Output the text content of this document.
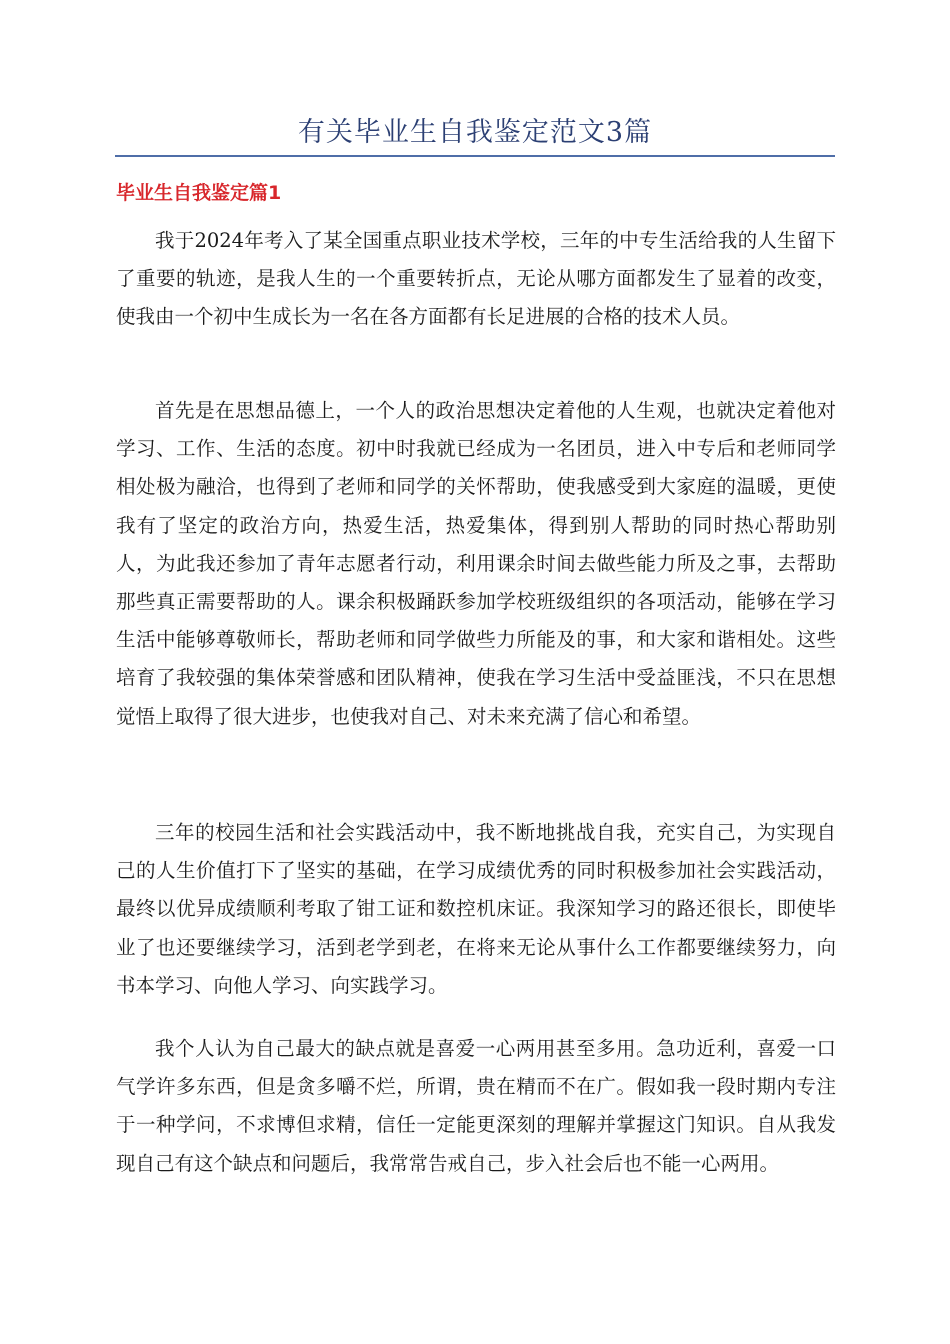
有关毕业生自我鉴定范文3篇
毕业生自我鉴定篇1

我于2024年考入了某全国重点职业技术学校，三年的中专生活给我的人生留下了重要的轨迹，是我人生的一个重要转折点，无论从哪方面都发生了显着的改变，使我由一个初中生成长为一名在各方面都有长足进展的合格的技术人员。

首先是在思想品德上，一个人的政治思想决定着他的人生观，也就决定着他对学习、工作、生活的态度。初中时我就已经成为一名团员，进入中专后和老师同学相处极为融洽，也得到了老师和同学的关怀帮助，使我感受到大家庭的温暖，更使我有了坚定的政治方向，热爱生活，热爱集体，得到别人帮助的同时热心帮助别人，为此我还参加了青年志愿者行动，利用课余时间去做些能力所及之事，去帮助那些真正需要帮助的人。课余积极踊跃参加学校班级组织的各项活动，能够在学习生活中能够尊敬师长，帮助老师和同学做些力所能及的事，和大家和谐相处。这些培育了我较强的集体荣誉感和团队精神，使我在学习生活中受益匪浅，不只在思想觉悟上取得了很大进步，也使我对自己、对未来充满了信心和希望。

三年的校园生活和社会实践活动中，我不断地挑战自我，充实自己，为实现自己的人生价值打下了坚实的基础，在学习成绩优秀的同时积极参加社会实践活动，最终以优异成绩顺利考取了钳工证和数控机床证。我深知学习的路还很长，即使毕业了也还要继续学习，活到老学到老，在将来无论从事什么工作都要继续努力，向书本学习、向他人学习、向实践学习。

我个人认为自己最大的缺点就是喜爱一心两用甚至多用。急功近利，喜爱一口气学许多东西，但是贪多嚼不烂，所谓，贵在精而不在广。假如我一段时期内专注于一种学问，不求博但求精，信任一定能更深刻的理解并掌握这门知识。自从我发现自己有这个缺点和问题后，我常常告戒自己，步入社会后也不能一心两用。
